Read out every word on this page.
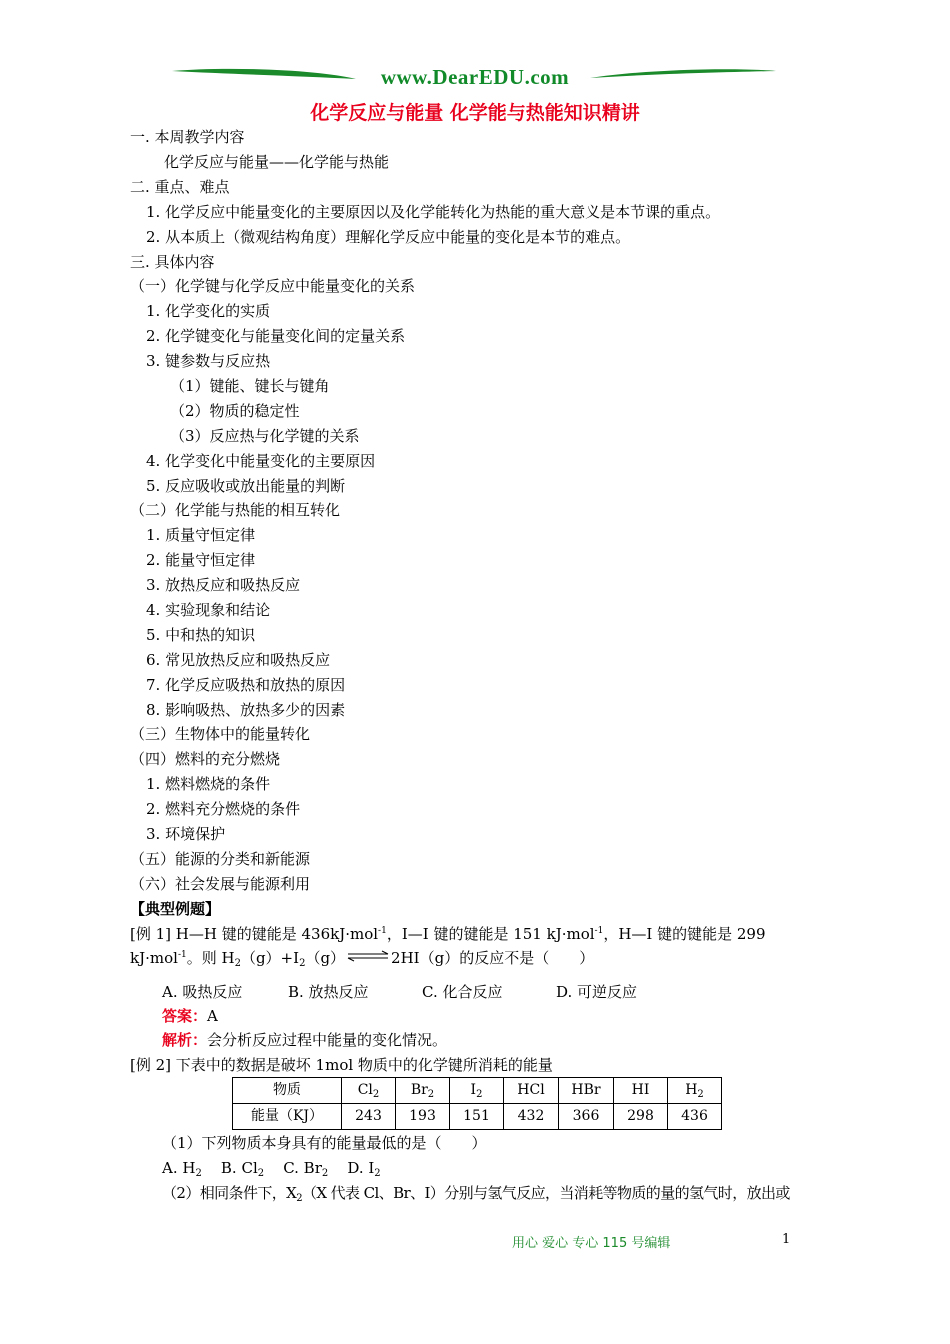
www.DearEDU.com
化学反应与能量 化学能与热能知识精讲
一. 本周教学内容
化学反应与能量——化学能与热能
二. 重点、难点
1. 化学反应中能量变化的主要原因以及化学能转化为热能的重大意义是本节课的重点。
2. 从本质上（微观结构角度）理解化学反应中能量的变化是本节的难点。
三. 具体内容
（一）化学键与化学反应中能量变化的关系
1. 化学变化的实质
2. 化学键变化与能量变化间的定量关系
3. 键参数与反应热
（1）键能、键长与键角
（2）物质的稳定性
（3）反应热与化学键的关系
4. 化学变化中能量变化的主要原因
5. 反应吸收或放出能量的判断
（二）化学能与热能的相互转化
1. 质量守恒定律
2. 能量守恒定律
3. 放热反应和吸热反应
4. 实验现象和结论
5. 中和热的知识
6. 常见放热反应和吸热反应
7. 化学反应吸热和放热的原因
8. 影响吸热、放热多少的因素
（三）生物体中的能量转化
（四）燃料的充分燃烧
1. 燃料燃烧的条件
2. 燃料充分燃烧的条件
3. 环境保护
（五）能源的分类和新能源
（六）社会发展与能源利用
【典型例题】
[例 1] H—H 键的键能是 436kJ·mol$^{-1}$，I—I 键的键能是 151 kJ·mol$^{-1}$，H—I 键的键能是 299
kJ·mol$^{-1}$。则 $H_2(g)+I_2(g)\rightleftharpoons 2HI(g)$的反应不是（　　）
A. 吸热反应	B. 放热反应	C. 化合反应	D. 可逆反应
答案：A
解析：会分析反应过程中能量的变化情况。
[例 2] 下表中的数据是破坏 1mol 物质中的化学键所消耗的能量
物质	$Cl_2$	$Br_2$	$I_2$	HCl	HBr	HI	$H_2$
能量（KJ）	243	193	151	432	366	298	436
（1）下列物质本身具有的能量最低的是（　　）
A. $H_2$ B. $Cl_2$ C. $Br_2$ D. $I_2$
（2）相同条件下，$X_2(X$ 代表 Cl、Br、I）分别与氢气反应，当消耗等物质的量的氢气时，放出或
用心 爱心 专心 115 号编辑	1
